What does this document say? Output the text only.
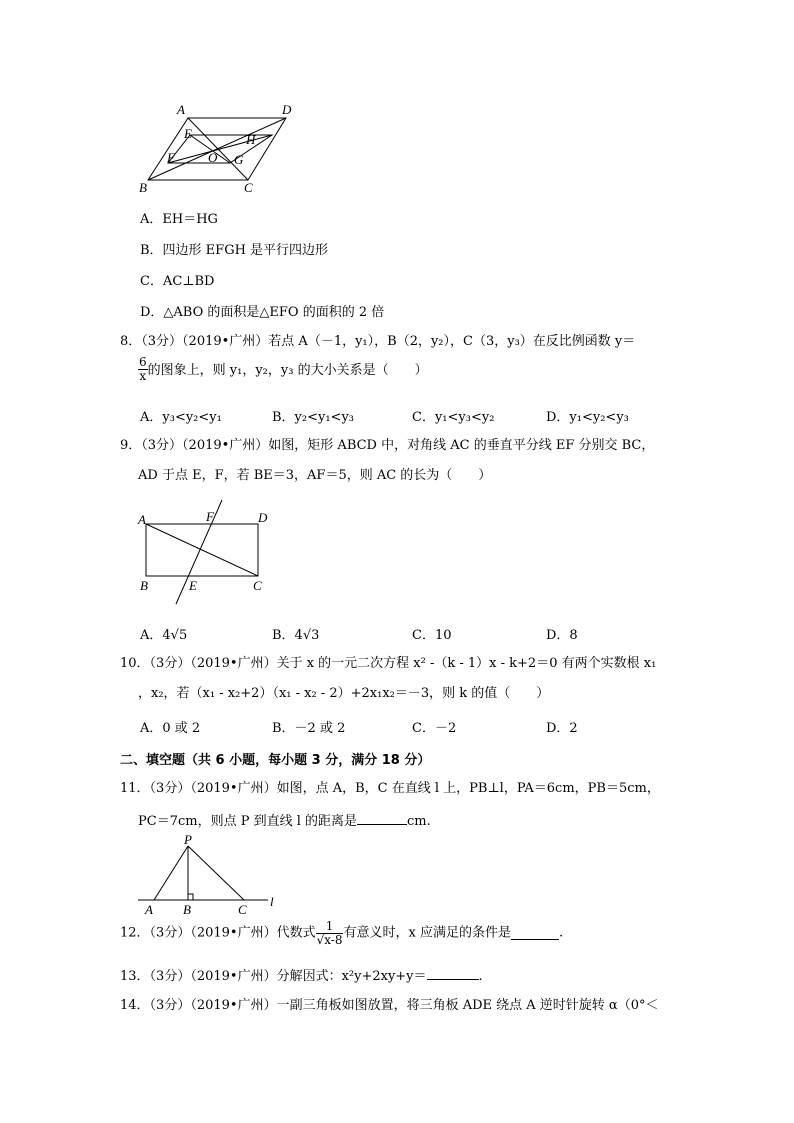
A	D
E	H
F	O G
B	C
A．EH＝HG
B．四边形 EFGH 是平行四边形
C．AC⊥BD
D．△ABO 的面积是△EFO 的面积的 2 倍
8．（3分）（2019•广州）若点 A（－1，y₁），B（2，y₂），C（3，y₃）在反比例函数 y＝
$\frac{6}{x}$ 的图象上，则 y₁，y₂，y₃ 的大小关系是（　　）
A．y₃<y₂<y₁	B．y₂<y₁<y₃	C．y₁<y₃<y₂	D．y₁<y₂<y₃
9．（3分）（2019•广州）如图，矩形 ABCD 中，对角线 AC 的垂直平分线 EF 分别交 BC，
AD 于点 E，F，若 BE＝3，AF＝5，则 AC 的长为（　　）
A	F	D
B	E	C
A．4√5	B．4√3	C．10	D．8
10．（3分）（2019•广州）关于 x 的一元二次方程 x² -（k - 1）x - k+2＝0 有两个实数根 x₁
，x₂，若（x₁ - x₂+2）（x₁ - x₂ - 2）+2x₁x₂＝－3，则 k 的值（　　）
A．0 或 2	B．－2 或 2	C．－2	D．2
二、填空题（共 6 小题，每小题 3 分，满分 18 分）
11．（3分）（2019•广州）如图，点 A，B，C 在直线 l 上，PB⊥l，PA＝6cm，PB＝5cm，
PC＝7cm，则点 P 到直线 l 的距离是	cm.
P
A B	C
l
12．（3分）（2019•广州）代数式 $\frac{1}{√x-8}$ 有意义时，x 应满足的条件是	.
13．（3分）（2019•广州）分解因式：x²y+2xy+y＝	.
14．（3分）（2019•广州）一副三角板如图放置，将三角板 ADE 绕点 A 逆时针旋转 α（0°＜
